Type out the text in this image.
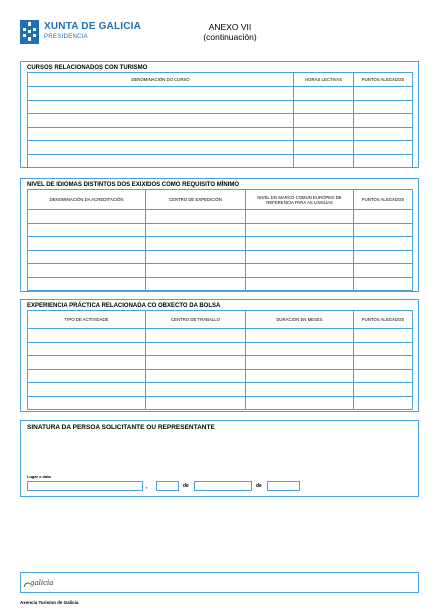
XUNTA DE GALICIA
PRESIDENCIA
ANEXO VII
(continuación)
CURSOS RELACIONADOS CON TURISMO
DENOMINACIÓN DO CURSO	HORAS LECTIVAS	PUNTOS ALEGADOS

NIVEL DE IDIOMAS DISTINTOS DOS EXIXIDOS COMO REQUISITO MÍNIMO
DENOMINACIÓN DA ACREDITACIÓN	CENTRO DE EXPEDICIÓN	NIVEL DO MARCO COMÚN EUROPEO DE REFERENCIA PARA AS LINGUAS	PUNTOS ALEGADOS

EXPERIENCIA PRÁCTICA RELACIONADA CO OBXECTO DA BOLSA
TIPO DE ACTIVIDADE	CENTRO DE TRABALLO	DURACIÓN EN MESES	PUNTOS ALEGADOS

SINATURA DA PERSOA SOLICITANTE OU REPRESENTANTE
Lugar e data
,	de	de
galicia
Axencia Turismo de Galicia
